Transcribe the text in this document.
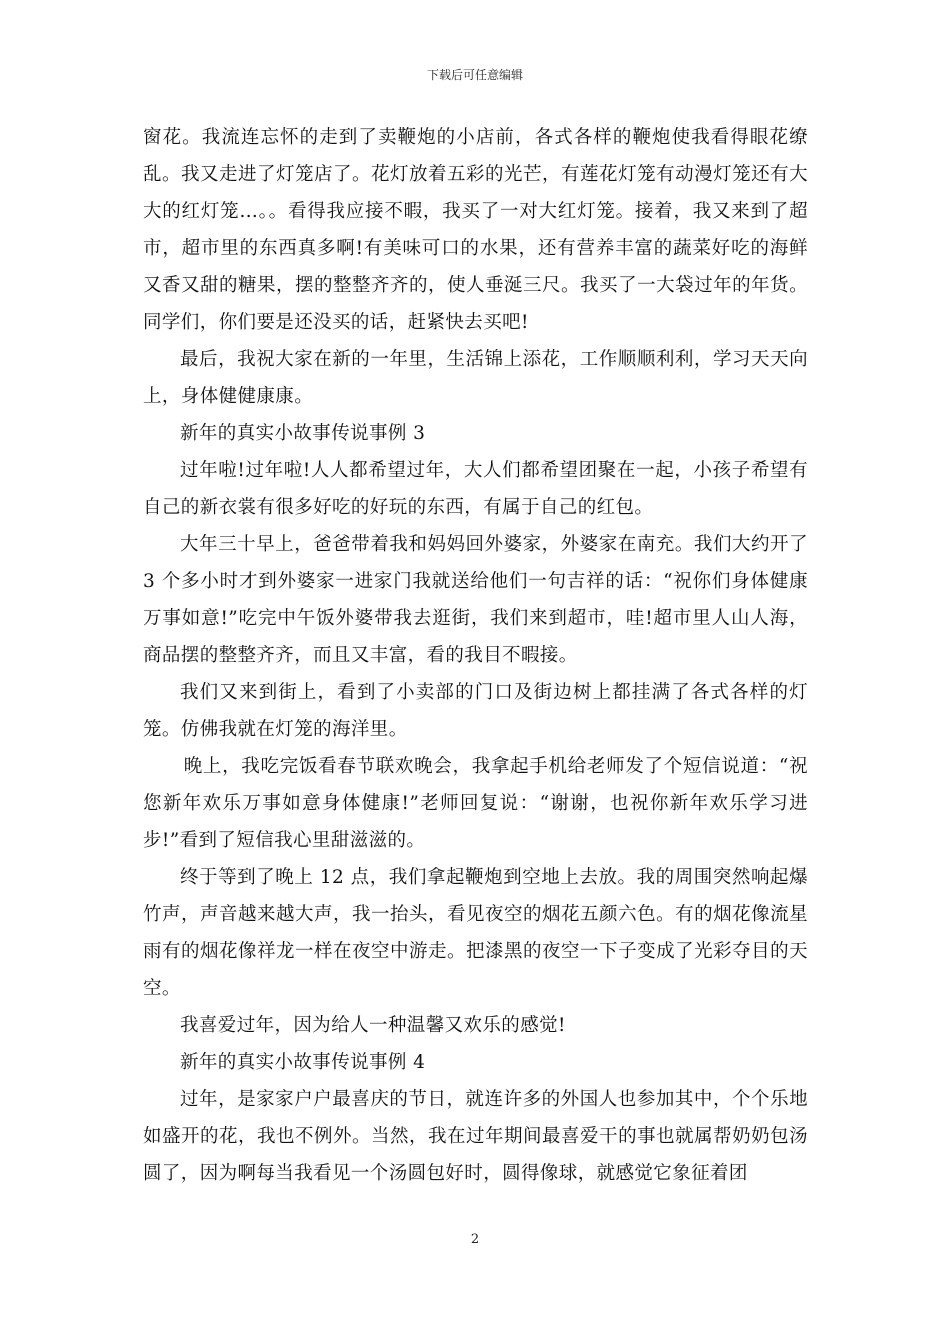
下载后可任意编辑

窗花。我流连忘怀的走到了卖鞭炮的小店前，各式各样的鞭炮使我看得眼花缭乱。我又走进了灯笼店了。花灯放着五彩的光芒，有莲花灯笼有动漫灯笼还有大大的红灯笼…。。看得我应接不暇，我买了一对大红灯笼。接着，我又来到了超市，超市里的东西真多啊!有美味可口的水果，还有营养丰富的蔬菜好吃的海鲜又香又甜的糖果，摆的整整齐齐的，使人垂涎三尺。我买了一大袋过年的年货。同学们，你们要是还没买的话，赶紧快去买吧!

最后，我祝大家在新的一年里，生活锦上添花，工作顺顺利利，学习天天向上，身体健健康康。

新年的真实小故事传说事例 3

过年啦!过年啦!人人都希望过年，大人们都希望团聚在一起，小孩子希望有自己的新衣裳有很多好吃的好玩的东西，有属于自己的红包。

大年三十早上，爸爸带着我和妈妈回外婆家，外婆家在南充。我们大约开了 3 个多小时才到外婆家一进家门我就送给他们一句吉祥的话：“祝你们身体健康万事如意!”吃完中午饭外婆带我去逛街，我们来到超市，哇!超市里人山人海，商品摆的整整齐齐，而且又丰富，看的我目不暇接。

我们又来到街上，看到了小卖部的门口及街边树上都挂满了各式各样的灯笼。仿佛我就在灯笼的海洋里。

晚上，我吃完饭看春节联欢晚会，我拿起手机给老师发了个短信说道：“祝您新年欢乐万事如意身体健康!”老师回复说：“谢谢，也祝你新年欢乐学习进步!”看到了短信我心里甜滋滋的。

终于等到了晚上 12 点，我们拿起鞭炮到空地上去放。我的周围突然响起爆竹声，声音越来越大声，我一抬头，看见夜空的烟花五颜六色。有的烟花像流星雨有的烟花像祥龙一样在夜空中游走。把漆黑的夜空一下子变成了光彩夺目的天空。

我喜爱过年，因为给人一种温馨又欢乐的感觉!

新年的真实小故事传说事例 4

过年，是家家户户最喜庆的节日，就连许多的外国人也参加其中，个个乐地如盛开的花，我也不例外。当然，我在过年期间最喜爱干的事也就属帮奶奶包汤圆了，因为啊每当我看见一个汤圆包好时，圆得像球，就感觉它象征着团

2
